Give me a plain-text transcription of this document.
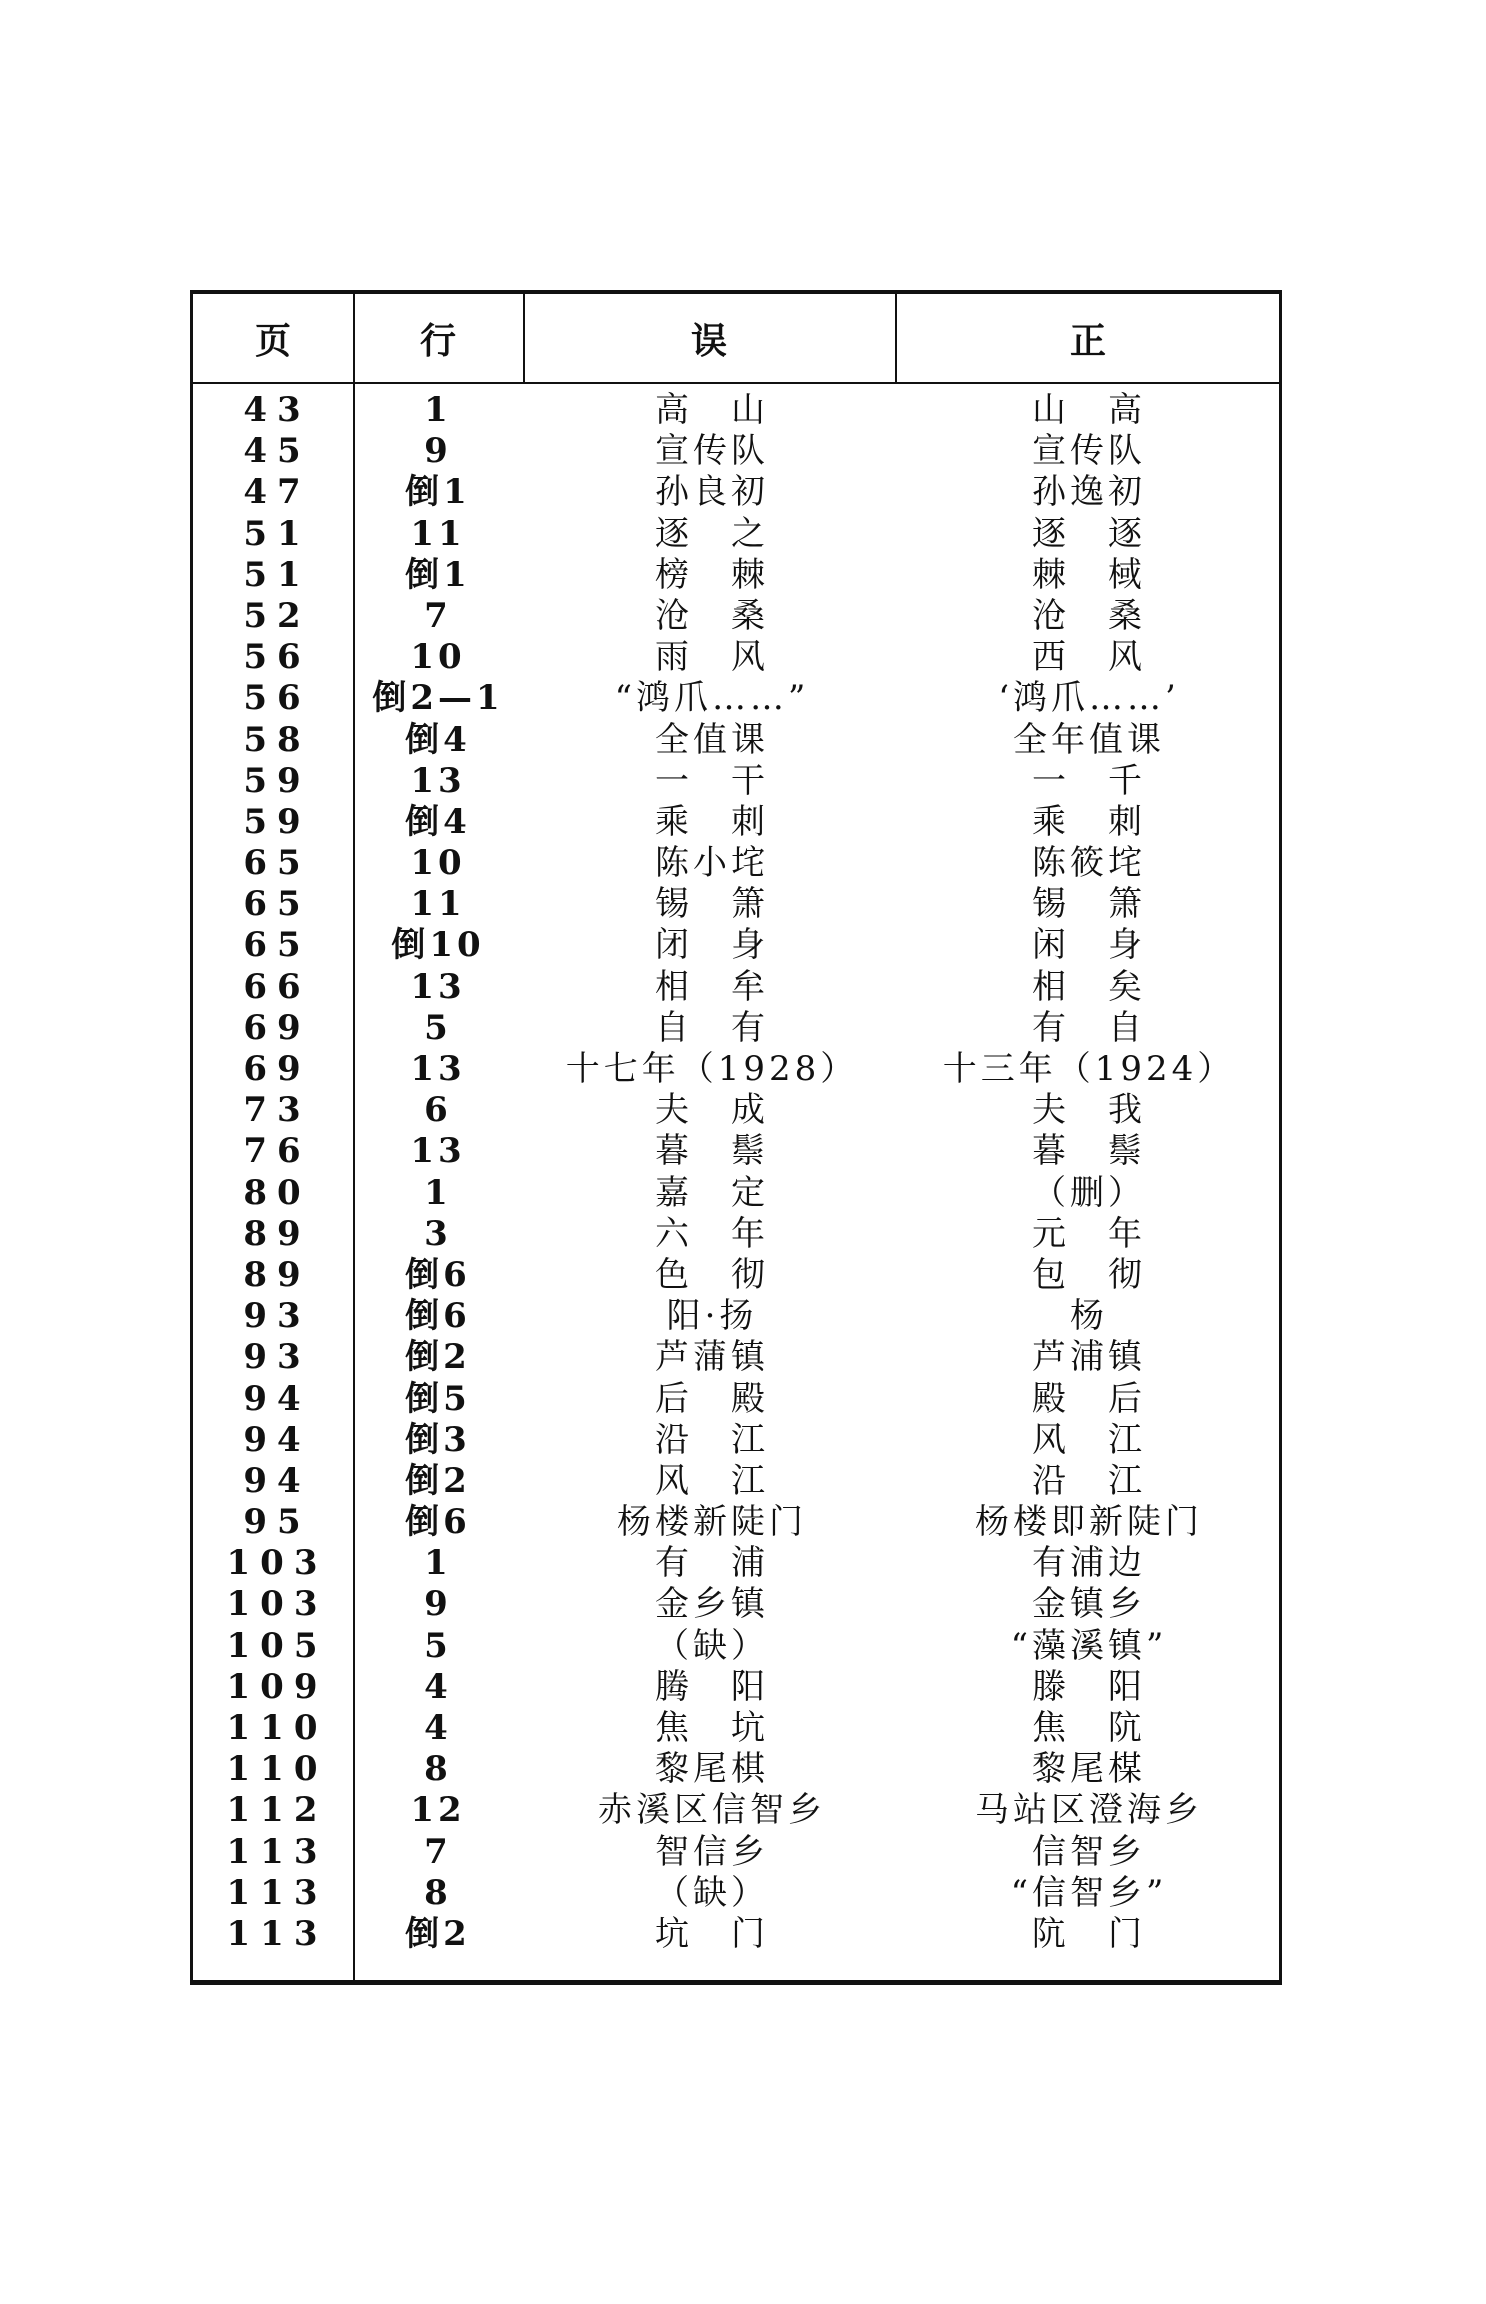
页	行	误	正
43	1	高　山	山　高
45	9	宣传队	宣传队
47	倒1	孙良初	孙逸初
51	11	逐　之	逐　逐
51	倒1	榜　棘	棘　棫
52	7	沧　桑	沧　桑
56	10	雨　风	西　风
56	倒2—1	“鸿爪……”	‘鸿爪……’
58	倒4	全值课	全年值课
59	13	一　干	一　千
59	倒4	乘　刺	乘　刺
65	10	陈小垞	陈筱垞
65	11	锡　箫	锡　箫
65	倒10	闭　身	闲　身
66	13	相　牟	相　矣
69	5	自　有	有　自
69	13	十七年（1928）	十三年（1924）
73	6	夫　成	夫　我
76	13	暮　鬃	暮　鬃
80	1	嘉　定	（删）
89	3	六　年	元　年
89	倒6	色　彻	包　彻
93	倒6	阳·扬	杨
93	倒2	芦蒲镇	芦浦镇
94	倒5	后　殿	殿　后
94	倒3	沿　江	风　江
94	倒2	风　江	沿　江
95	倒6	杨楼新陡门	杨楼即新陡门
103	1	有　浦	有浦边
103	9	金乡镇	金镇乡
105	5	（缺）	“藻溪镇”
109	4	腾　阳	滕　阳
110	4	焦　坑	焦　阬
110	8	黎尾棋	黎尾楳
112	12	赤溪区信智乡	马站区澄海乡
113	7	智信乡	信智乡
113	8	（缺）	“信智乡”
113	倒2	坑　门	阬　门
